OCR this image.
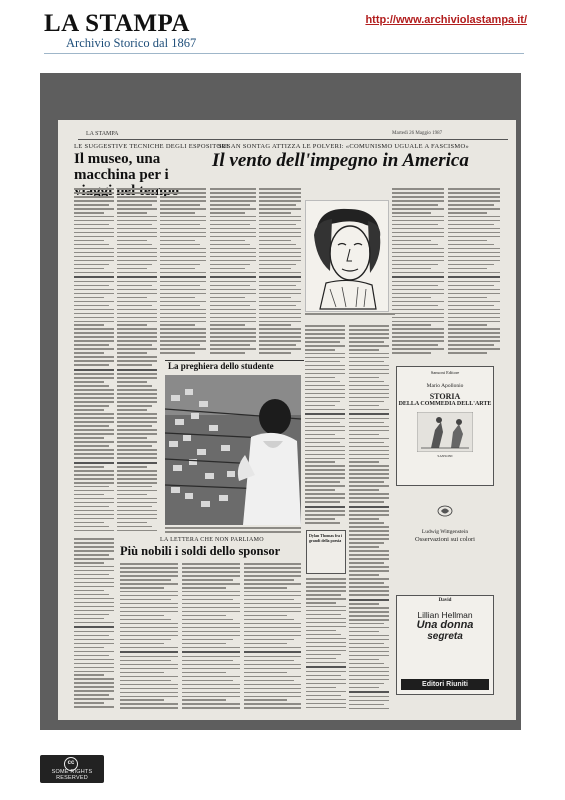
LA STAMPA
Archivio Storico dal 1867
http://www.archiviolastampa.it/
LA STAMPA	Martedì 26 Maggio 1987
LE SUGGESTIVE TECNICHE DEGLI ESPOSITORI
Il museo, una macchina per i tempo
SUSAN SONTAG ATTIZZA LE POLVERI: «COMUNISMO UGUALE A FASCISMO»
Il vento dell'impegno in America
La preghiera dello studente
LA LETTERA CHE NON PARLIAMO
Più nobili i soldi dello sponsor
Dylan Thomas fra i grandi della poesia
Sansoni Editore
Mario Apollonio
STORIA
DELLA COMMEDIA DELL'ARTE
SANSONI
Ludwig Wittgenstein
Osservazioni sui colori
David
Lillian Hellman
Una donna
segreta
Editori Riuniti
cc
SOME RIGHTS RESERVED
